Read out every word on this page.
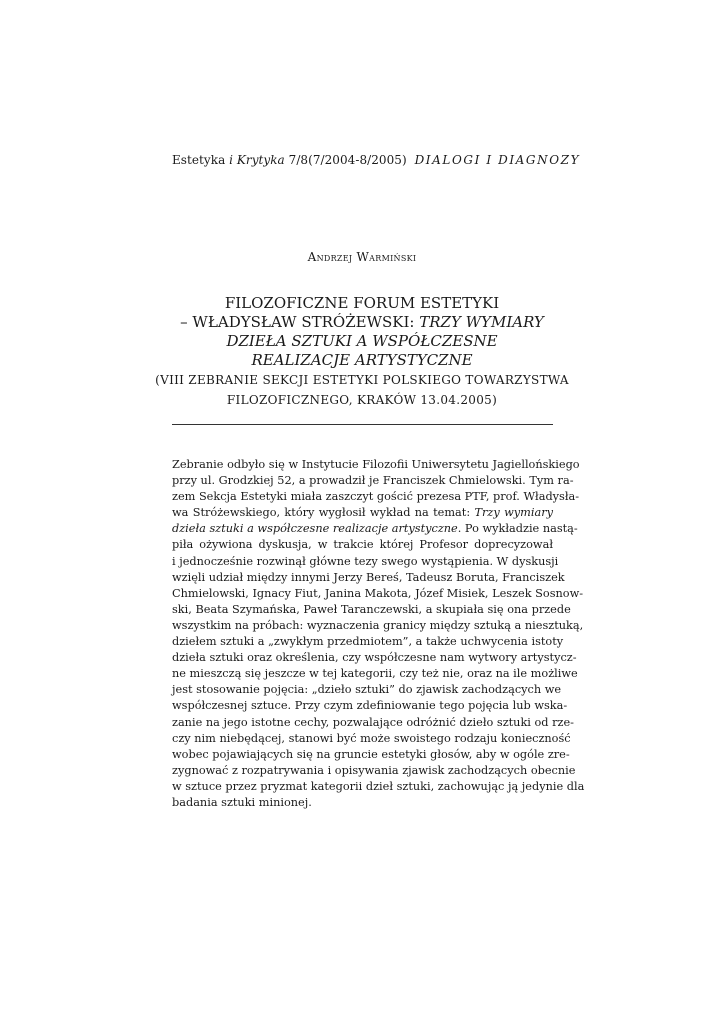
Estetyka i Krytyka 7/8(7/2004-8/2005) DIALOGI I DIAGNOZY
Andrzej Warmiński
FILOZOFICZNE FORUM ESTETYKI
– WŁADYSŁAW STRÓŻEWSKI: TRZY WYMIARY
DZIEŁA SZTUKI A WSPÓŁCZESNE
REALIZACJE ARTYSTYCZNE
(VIII ZEBRANIE SEKCJI ESTETYKI POLSKIEGO TOWARZYSTWA
FILOZOFICZNEGO, KRAKÓW 13.04.2005)
Zebranie odbyło się w Instytucie Filozofii Uniwersytetu Jagiellońskiego
przy ul. Grodzkiej 52, a prowadził je Franciszek Chmielowski. Tym ra-
zem Sekcja Estetyki miała zaszczyt gościć prezesa PTF, prof. Władysła-
wa Stróżewskiego, który wygłosił wykład na temat: Trzy wymiary
dzieła sztuki a współczesne realizacje artystyczne. Po wykładzie nastą-
piła ożywiona dyskusja, w trakcie której Profesor doprecyzował
i jednocześnie rozwinął główne tezy swego wystąpienia. W dyskusji
wzięli udział między innymi Jerzy Bereś, Tadeusz Boruta, Franciszek
Chmielowski, Ignacy Fiut, Janina Makota, Józef Misiek, Leszek Sosnow-
ski, Beata Szymańska, Paweł Taranczewski, a skupiała się ona przede
wszystkim na próbach: wyznaczenia granicy między sztuką a niesztuką,
dziełem sztuki a „zwykłym przedmiotem”, a także uchwycenia istoty
dzieła sztuki oraz określenia, czy współczesne nam wytwory artystycz-
ne mieszczą się jeszcze w tej kategorii, czy też nie, oraz na ile możliwe
jest stosowanie pojęcia: „dzieło sztuki” do zjawisk zachodzących we
współczesnej sztuce. Przy czym zdefiniowanie tego pojęcia lub wska-
zanie na jego istotne cechy, pozwalające odróżnić dzieło sztuki od rze-
czy nim niebędącej, stanowi być może swoistego rodzaju konieczność
wobec pojawiających się na gruncie estetyki głosów, aby w ogóle zre-
zygnować z rozpatrywania i opisywania zjawisk zachodzących obecnie
w sztuce przez pryzmat kategorii dzieł sztuki, zachowując ją jedynie dla
badania sztuki minionej.
